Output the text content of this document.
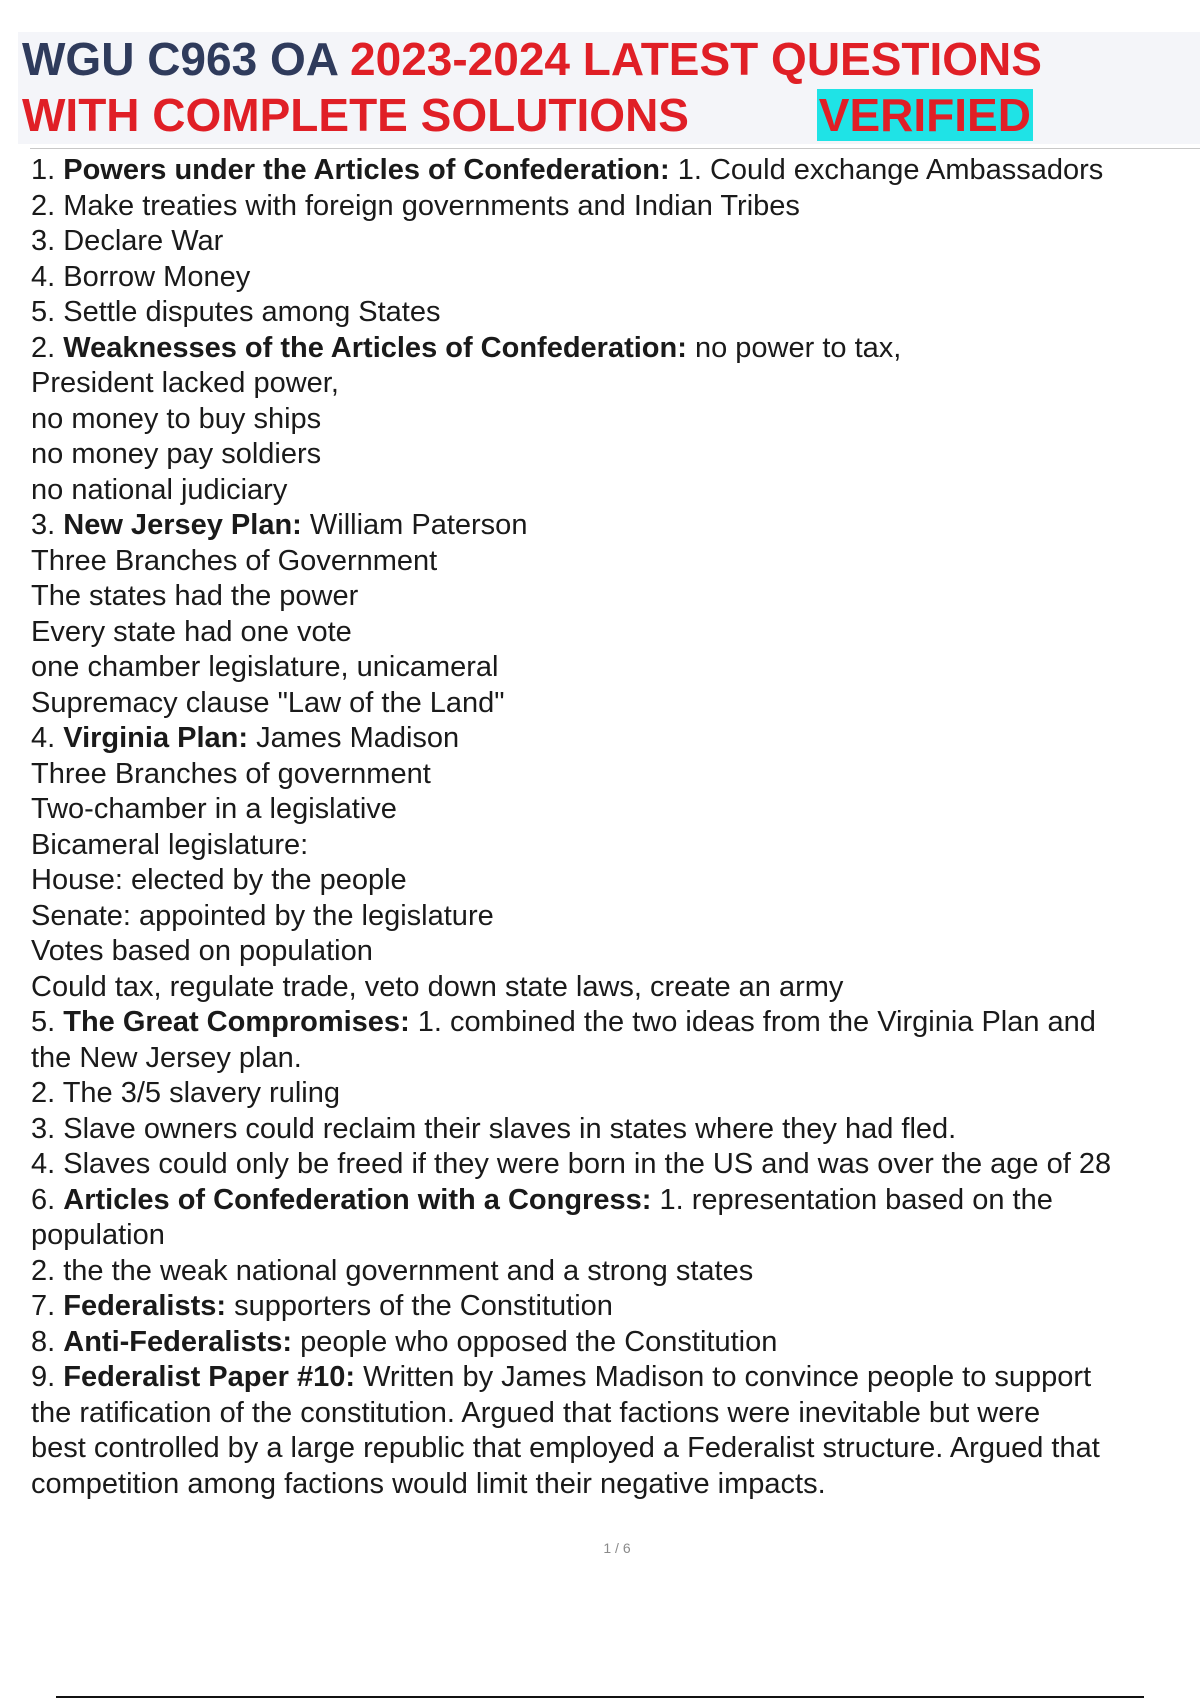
WGU C963 OA 2023-2024 LATEST QUESTIONS
WITH COMPLETE SOLUTIONS	VERIFIED
1. Powers under the Articles of Confederation: 1. Could exchange Ambassadors
2. Make treaties with foreign governments and Indian Tribes
3. Declare War
4. Borrow Money
5. Settle disputes among States
2. Weaknesses of the Articles of Confederation: no power to tax,
President lacked power,
no money to buy ships
no money pay soldiers
no national judiciary
3. New Jersey Plan: William Paterson
Three Branches of Government
The states had the power
Every state had one vote
one chamber legislature, unicameral
Supremacy clause "Law of the Land"
4. Virginia Plan: James Madison
Three Branches of government
Two-chamber in a legislative
Bicameral legislature:
House: elected by the people
Senate: appointed by the legislature
Votes based on population
Could tax, regulate trade, veto down state laws, create an army
5. The Great Compromises: 1. combined the two ideas from the Virginia Plan and
the New Jersey plan.
2. The 3/5 slavery ruling
3. Slave owners could reclaim their slaves in states where they had fled.
4. Slaves could only be freed if they were born in the US and was over the age of 28
6. Articles of Confederation with a Congress: 1. representation based on the
population
2. the the weak national government and a strong states
7. Federalists: supporters of the Constitution
8. Anti-Federalists: people who opposed the Constitution
9. Federalist Paper #10: Written by James Madison to convince people to support
the ratification of the constitution. Argued that factions were inevitable but were
best controlled by a large republic that employed a Federalist structure. Argued that
competition among factions would limit their negative impacts.
1 / 6
